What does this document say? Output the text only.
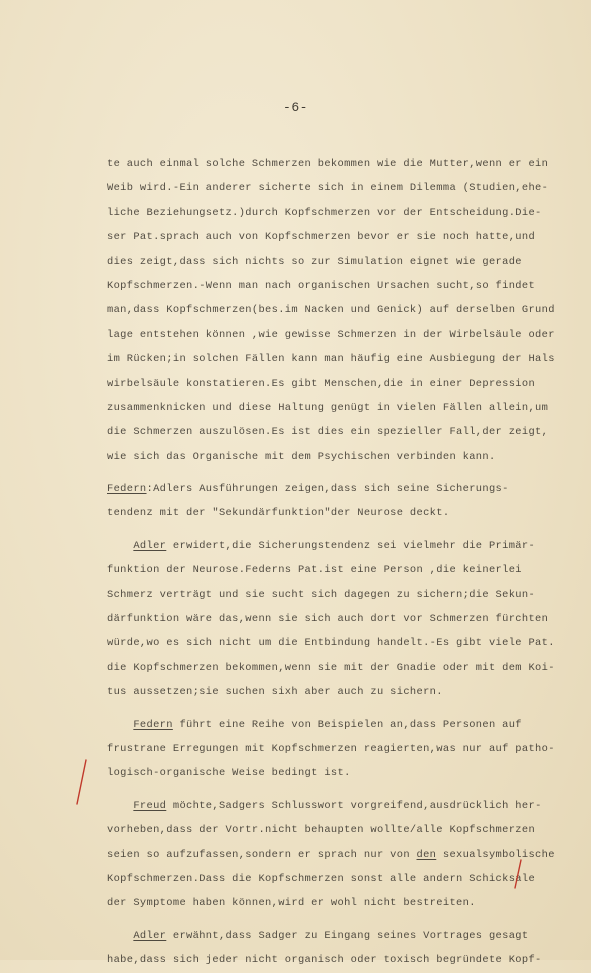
-6-
te auch einmal solche Schmerzen bekommen wie die Mutter,wenn er ein
Weib wird.-Ein anderer sicherte sich in einem Dilemma (Studien,ehe-
liche Beziehungsetz.)durch Kopfschmerzen vor der Entscheidung.Die-
ser Pat.sprach auch von Kopfschmerzen bevor er sie noch hatte,und
dies zeigt,dass sich nichts so zur Simulation eignet wie gerade
Kopfschmerzen.-Wenn man nach organischen Ursachen sucht,so findet
man,dass Kopfschmerzen(bes.im Nacken und Genick) auf derselben Grund
lage entstehen können ,wie gewisse Schmerzen in der Wirbelsäule oder
im Rücken;in solchen Fällen kann man häufig eine Ausbiegung der Hals
wirbelsäule konstatieren.Es gibt Menschen,die in einer Depression
zusammenknicken und diese Haltung genügt in vielen Fällen allein,um
die Schmerzen auszulösen.Es ist dies ein spezieller Fall,der zeigt,
wie sich das Organische mit dem Psychischen verbinden kann.
Federn:Adlers Ausführungen zeigen,dass sich seine Sicherungs-
tendenz mit der "Sekundärfunktion"der Neurose deckt.
Adler erwidert,die Sicherungstendenz sei vielmehr die Primär-
funktion der Neurose.Federns Pat.ist eine Person ,die keinerlei
Schmerz verträgt und sie sucht sich dagegen zu sichern;die Sekun-
därfunktion wäre das,wenn sie sich auch dort vor Schmerzen fürchten
würde,wo es sich nicht um die Entbindung handelt.-Es gibt viele Pat.
die Kopfschmerzen bekommen,wenn sie mit der Gnadie oder mit dem Koi-
tus aussetzen;sie suchen sixh aber auch zu sichern.
Federn führt eine Reihe von Beispielen an,dass Personen auf
frustrane Erregungen mit Kopfschmerzen reagierten,was nur auf patho-
logisch-organische Weise bedingt ist.
Freud möchte,Sadgers Schlusswort vorgreifend,ausdrücklich her-
vorheben,dass der Vortr.nicht behaupten wollte/alle Kopfschmerzen
seien so aufzufassen,sondern er sprach nur von den sexualsymbolische
Kopfschmerzen.Dass die Kopfschmerzen sonst alle andern Schicksale
der Symptome haben können,wird er wohl nicht bestreiten.
Adler erwähnt,dass Sadger zu Eingang seines Vortrages gesagt
habe,dass sich jeder nicht organisch oder toxisch begründete Kopf-
